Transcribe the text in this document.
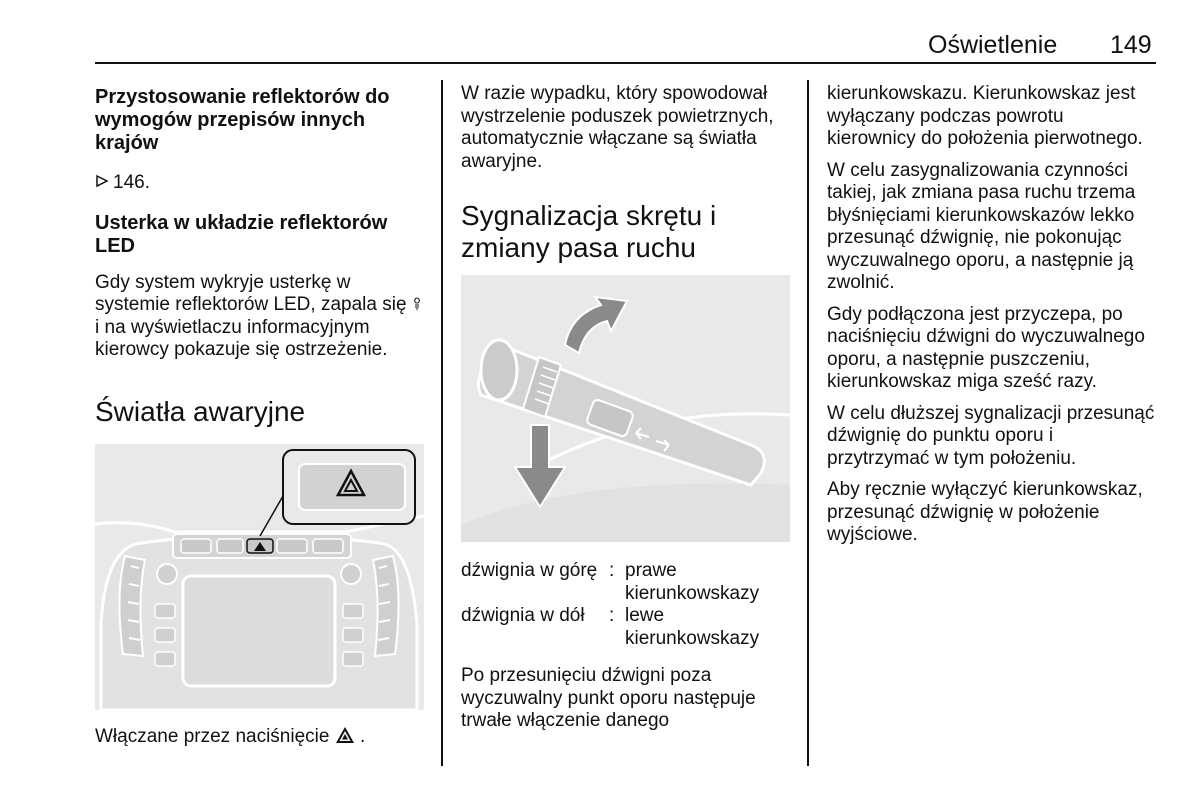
Oświetlenie 149

Przystosowanie reflektorów do wymogów przepisów innych krajów

146.

Usterka w układzie reflektorów LED

Gdy system wykryje usterkę w systemie reflektorów LED, zapala się  i na wyświetlaczu informacyjnym kierowcy pokazuje się ostrzeżenie.

Światła awaryjne

Włączane przez naciśnięcie .

W razie wypadku, który spowodował wystrzelenie poduszek powietrznych, automatycznie włączane są światła awaryjne.

Sygnalizacja skrętu i zmiany pasa ruchu

dźwignia w górę	:	prawe kierunkowskazy
dźwignia w dół	:	lewe kierunkowskazy

Po przesunięciu dźwigni poza wyczuwalny punkt oporu następuje trwałe włączenie danego

kierunkowskazu. Kierunkowskaz jest wyłączany podczas powrotu kierownicy do położenia pierwotnego.

W celu zasygnalizowania czynności takiej, jak zmiana pasa ruchu trzema błyśnięciami kierunkowskazów lekko przesunąć dźwignię, nie pokonując wyczuwalnego oporu, a następnie ją zwolnić.

Gdy podłączona jest przyczepa, po naciśnięciu dźwigni do wyczuwalnego oporu, a następnie puszczeniu, kierunkowskaz miga sześć razy.

W celu dłuższej sygnalizacji przesunąć dźwignię do punktu oporu i przytrzymać w tym położeniu.

Aby ręcznie wyłączyć kierunkowskaz, przesunąć dźwignię w położenie wyjściowe.
